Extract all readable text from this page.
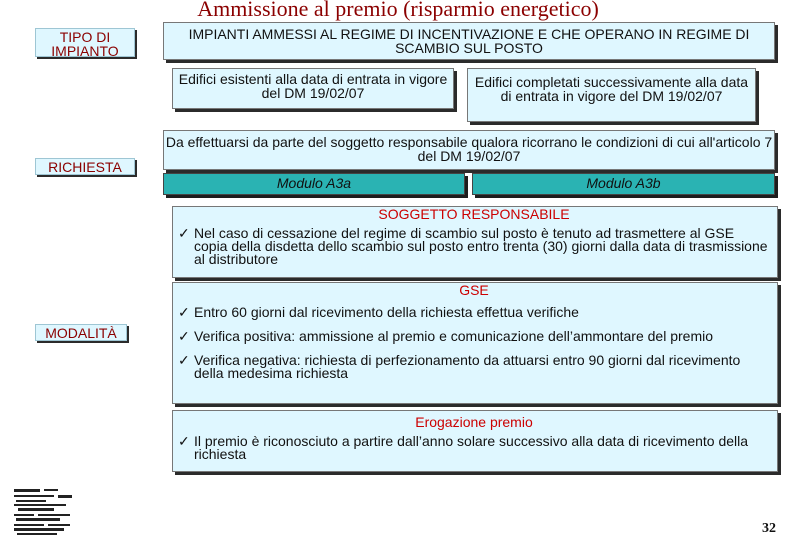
Ammissione al premio (risparmio energetico)
TIPO DI IMPIANTO
RICHIESTA
MODALITÀ
IMPIANTI AMMESSI AL REGIME DI INCENTIVAZIONE E CHE OPERANO IN REGIME DI SCAMBIO SUL POSTO
Edifici esistenti alla data di entrata in vigore del DM 19/02/07
Edifici completati successivamente alla data di entrata in vigore del DM 19/02/07
Da effettuarsi da parte del soggetto responsabile qualora ricorrano le condizioni di cui all'articolo 7 del DM 19/02/07
Modulo A3a	Modulo A3b
SOGGETTO RESPONSABILE
✓ Nel caso di cessazione del regime di scambio sul posto è tenuto ad trasmettere al GSE copia della disdetta dello scambio sul posto entro trenta (30) giorni dalla data di trasmissione al distributore
GSE
✓ Entro 60 giorni dal ricevimento della richiesta effettua verifiche
✓ Verifica positiva: ammissione al premio e comunicazione dell’ammontare del premio
✓ Verifica negativa: richiesta di perfezionamento da attuarsi entro 90 giorni dal ricevimento della medesima richiesta
Erogazione premio
✓ Il premio è riconosciuto a partire dall’anno solare successivo alla data di ricevimento della richiesta
32
